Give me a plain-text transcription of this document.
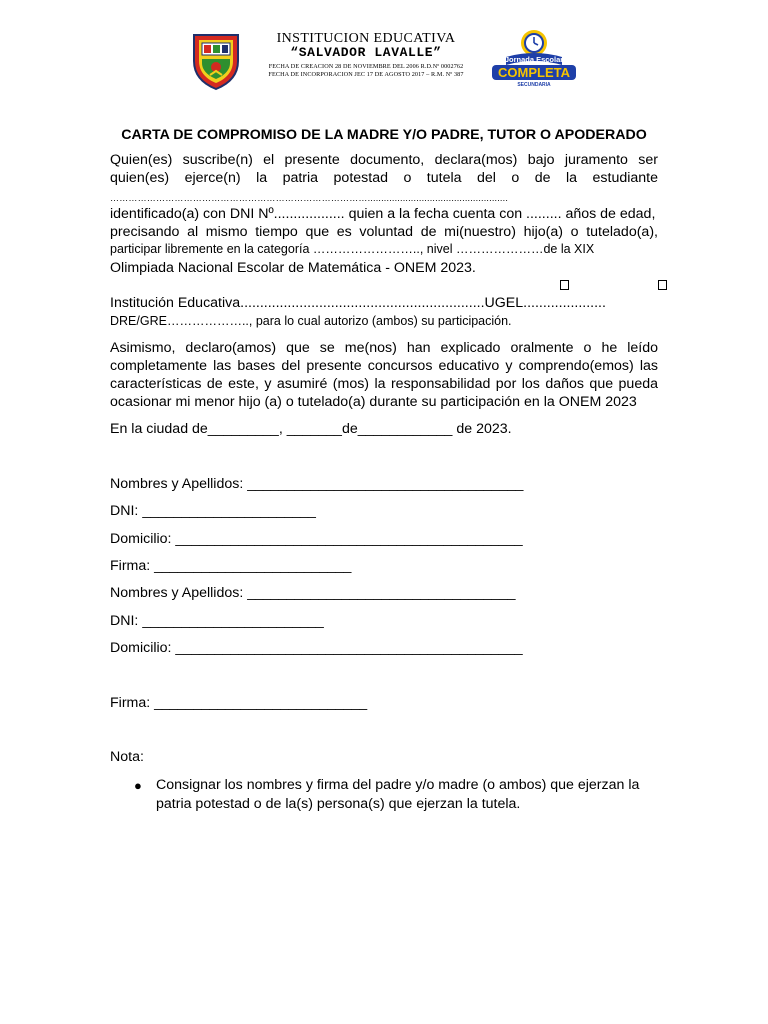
INSTITUCION EDUCATIVA
“SALVADOR LAVALLE”
FECHA DE CREACION 28 DE NOVIEMBRE DEL 2006 R.D.Nº 0002762
FECHA DE INCORPORACION JEC 17 DE AGOSTO 2017 – R.M. Nº 387
Jornada Escolar
COMPLETA
SECUNDARIA
CARTA DE COMPROMISO DE LA MADRE Y/O PADRE, TUTOR O APODERADO
Quien(es) suscribe(n) el presente documento, declara(mos) bajo juramento ser
quien(es) ejerce(n) la patria potestad o tutela del o de la estudiante
…………………………………………………………………………....................................................
identificado(a) con DNI Nº.................. quien a la fecha cuenta con ......... años de edad,
precisando al mismo tiempo que es voluntad de mi(nuestro) hijo(a) o tutelado(a),
participar libremente en la categoría …………………….., nivel …………………de la XIX
Olimpiada Nacional Escolar de Matemática - ONEM 2023.
Institución Educativa..............................................................UGEL.....................
DRE/GRE……………….., para lo cual autorizo (ambos) su participación.
Asimismo, declaro(amos) que se me(nos) han explicado oralmente o he leído
completamente las bases del presente concursos educativo y comprendo(emos) las
características de este, y asumiré (mos) la responsabilidad por los daños que pueda
ocasionar mi menor hijo (a) o tutelado(a) durante su participación en la ONEM 2023
En la ciudad de_________, _______de____________ de 2023.
Nombres y Apellidos: ___________________________________
DNI: ______________________
Domicilio: ____________________________________________
Firma: _________________________
Nombres y Apellidos: __________________________________
DNI: _______________________
Domicilio: ____________________________________________
Firma: ___________________________
Nota:
● Consignar los nombres y firma del padre y/o madre (o ambos) que ejerzan la patria potestad o de la(s) persona(s) que ejerzan la tutela.
